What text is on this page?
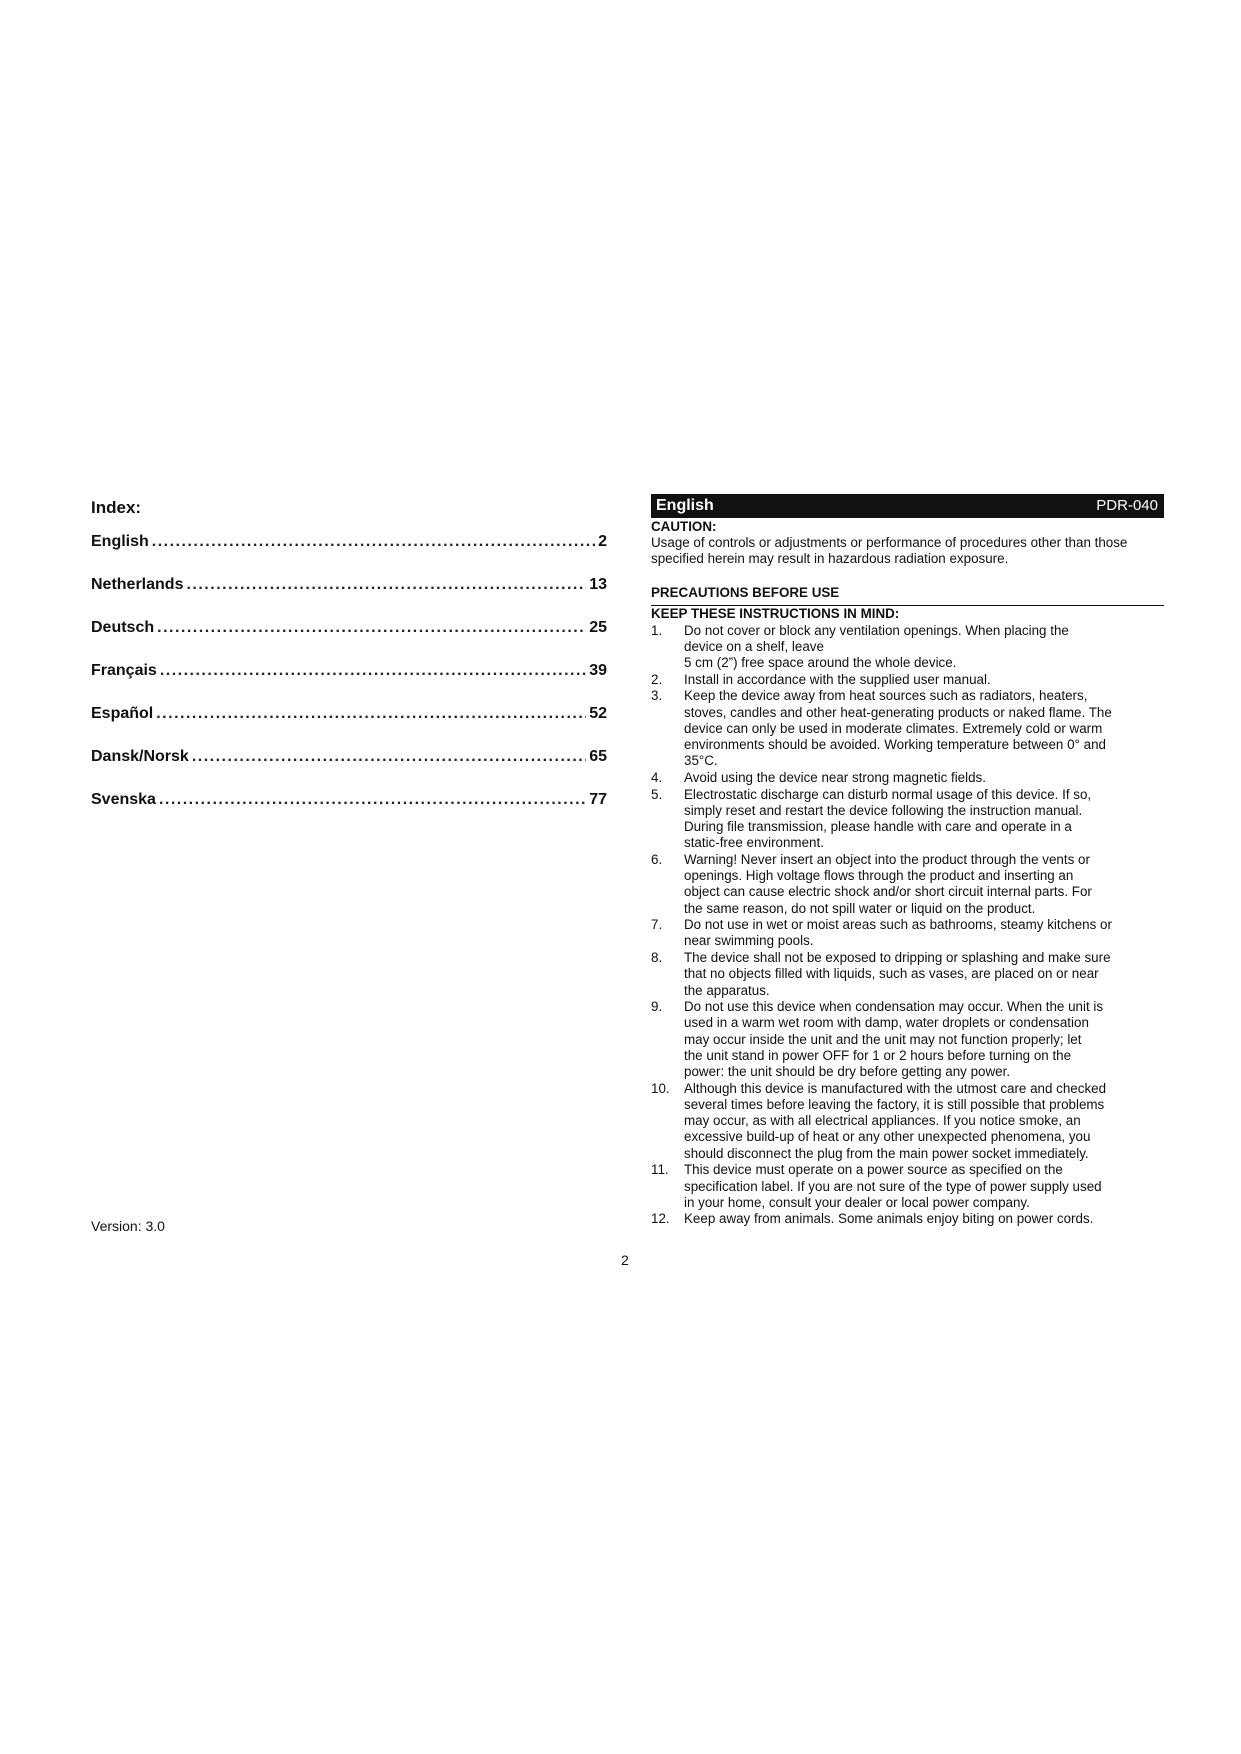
Index:
English .....	2
Netherlands .....	13
Deutsch .....	25
Français .....	39
Español .....	52
Dansk/Norsk .....	65
Svenska .....	77
Version: 3.0
English	PDR-040
CAUTION:
Usage of controls or adjustments or performance of procedures other than those specified herein may result in hazardous radiation exposure.
PRECAUTIONS BEFORE USE
KEEP THESE INSTRUCTIONS IN MIND:
1.	Do not cover or block any ventilation openings. When placing the
device on a shelf, leave
5 cm (2”) free space around the whole device.
2.	Install in accordance with the supplied user manual.
3.	Keep the device away from heat sources such as radiators, heaters,
stoves, candles and other heat-generating products or naked flame. The
device can only be used in moderate climates. Extremely cold or warm
environments should be avoided. Working temperature between 0° and
35°C.
4.	Avoid using the device near strong magnetic fields.
5.	Electrostatic discharge can disturb normal usage of this device. If so,
simply reset and restart the device following the instruction manual.
During file transmission, please handle with care and operate in a
static-free environment.
6.	Warning! Never insert an object into the product through the vents or
openings. High voltage flows through the product and inserting an
object can cause electric shock and/or short circuit internal parts. For
the same reason, do not spill water or liquid on the product.
7.	Do not use in wet or moist areas such as bathrooms, steamy kitchens or
near swimming pools.
8.	The device shall not be exposed to dripping or splashing and make sure
that no objects filled with liquids, such as vases, are placed on or near
the apparatus.
9.	Do not use this device when condensation may occur. When the unit is
used in a warm wet room with damp, water droplets or condensation
may occur inside the unit and the unit may not function properly; let
the unit stand in power OFF for 1 or 2 hours before turning on the
power: the unit should be dry before getting any power.
10.	Although this device is manufactured with the utmost care and checked
several times before leaving the factory, it is still possible that problems
may occur, as with all electrical appliances. If you notice smoke, an
excessive build-up of heat or any other unexpected phenomena, you
should disconnect the plug from the main power socket immediately.
11.	This device must operate on a power source as specified on the
specification label. If you are not sure of the type of power supply used
in your home, consult your dealer or local power company.
12.	Keep away from animals. Some animals enjoy biting on power cords.
2
